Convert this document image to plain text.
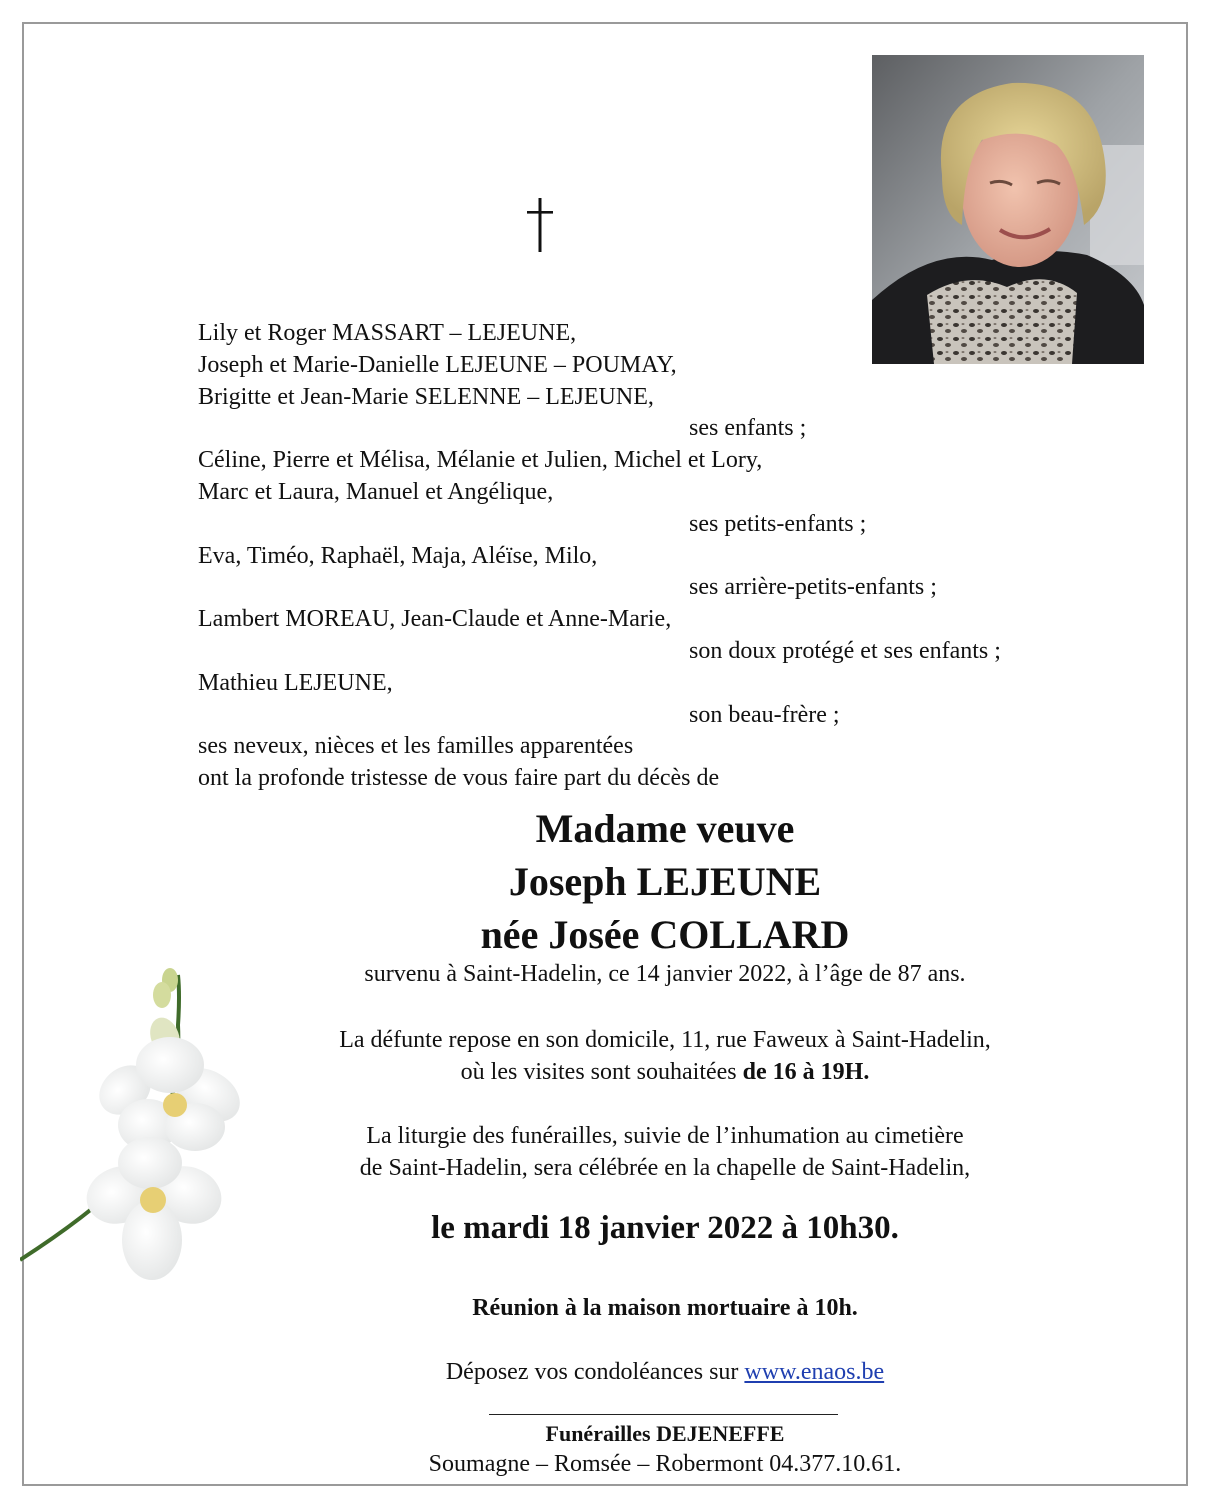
Lily et Roger MASSART – LEJEUNE,
Joseph et Marie-Danielle LEJEUNE – POUMAY,
Brigitte et Jean-Marie SELENNE – LEJEUNE,
ses enfants ;
Céline, Pierre et Mélisa, Mélanie et Julien, Michel et Lory,
Marc et Laura, Manuel et Angélique,
ses petits-enfants ;
Eva, Timéo, Raphaël, Maja, Aléïse, Milo,
ses arrière-petits-enfants ;
Lambert MOREAU, Jean-Claude et Anne-Marie,
son doux protégé et ses enfants ;
Mathieu LEJEUNE,
son beau-frère ;
ses neveux, nièces et les familles apparentées
ont la profonde tristesse de vous faire part du décès de
Madame veuve
Joseph LEJEUNE
née Josée COLLARD
survenu à Saint-Hadelin, ce 14 janvier 2022, à l’âge de 87 ans.
La défunte repose en son domicile, 11, rue Faweux à Saint-Hadelin,
où les visites sont souhaitées de 16 à 19H.
La liturgie des funérailles, suivie de l’inhumation au cimetière
de Saint-Hadelin, sera célébrée en la chapelle de Saint-Hadelin,
le mardi 18 janvier 2022 à 10h30.
Réunion à la maison mortuaire à 10h.
Déposez vos condoléances sur www.enaos.be
Funérailles DEJENEFFE
Soumagne – Romsée – Robermont 04.377.10.61.
